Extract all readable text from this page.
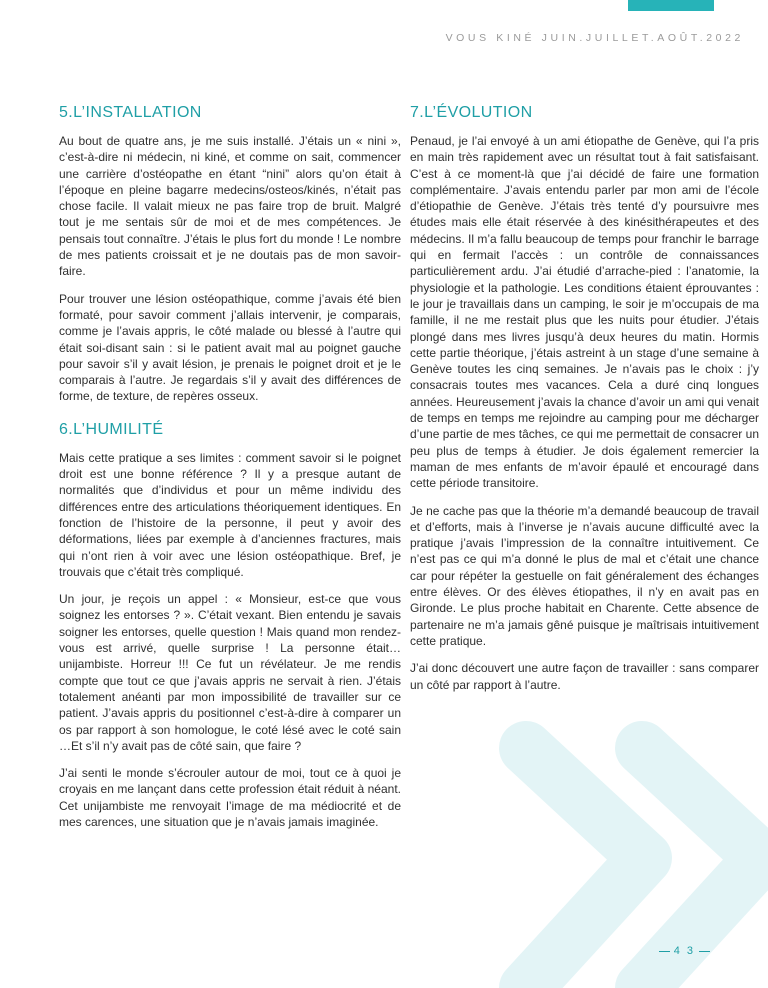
VOUS KINÉ JUIN.JUILLET.AOÛT.2022
5.L’INSTALLATION

Au bout de quatre ans, je me suis installé. J’étais un « nini », c’est-à-dire ni médecin, ni kiné, et comme on sait, commencer une carrière d’ostéopathe en étant “nini” alors qu’on était à l’époque en pleine bagarre medecins/osteos/kinés, n’était pas chose facile. Il valait mieux ne pas faire trop de bruit. Malgré tout je me sentais sûr de moi et de mes compétences. Je pensais tout connaître. J’étais le plus fort du monde ! Le nombre de mes patients croissait et je ne doutais pas de mon savoir-faire.

Pour trouver une lésion ostéopathique, comme j’avais été bien formaté, pour savoir comment j’allais intervenir, je comparais, comme je l’avais appris, le côté malade ou blessé à l’autre qui était soi-disant sain : si le patient avait mal au poignet gauche pour savoir s’il y avait lésion, je prenais le poignet droit et je le comparais à l’autre. Je regardais s’il y avait des différences de forme, de texture, de repères osseux.

6.L’HUMILITÉ

Mais cette pratique a ses limites : comment savoir si le poignet droit est une bonne référence ? Il y a presque autant de normalités que d’individus et pour un même individu des différences entre des articulations théoriquement identiques. En fonction de l’histoire de la personne, il peut y avoir des déformations, liées par exemple à d’anciennes fractures, mais qui n’ont rien à voir avec une lésion ostéopathique. Bref, je trouvais que c’était très compliqué.

Un jour, je reçois un appel : « Monsieur, est-ce que vous soignez les entorses ? ». C’était vexant. Bien entendu je savais soigner les entorses, quelle question ! Mais quand mon rendez-vous est arrivé, quelle surprise ! La personne était… unijambiste. Horreur !!! Ce fut un révélateur. Je me rendis compte que tout ce que j’avais appris ne servait à rien. J’étais totalement anéanti par mon impossibilité de travailler sur ce patient. J’avais appris du positionnel c’est-à-dire à comparer un os par rapport à son homologue, le coté lésé avec le coté sain …Et s’il n’y avait pas de côté sain, que faire ?

J’ai senti le monde s’écrouler autour de moi, tout ce à quoi je croyais en me lançant dans cette profession était réduit à néant. Cet unijambiste me renvoyait l’image de ma médiocrité et de mes carences, une situation que je n’avais jamais imaginée.

7.L’ÉVOLUTION

Penaud, je l’ai envoyé à un ami étiopathe de Genève, qui l’a pris en main très rapidement avec un résultat tout à fait satisfaisant. C’est à ce moment-là que j’ai décidé de faire une formation complémentaire. J’avais entendu parler par mon ami de l’école d’étiopathie de Genève. J’étais très tenté d’y poursuivre mes études mais elle était réservée à des kinésithérapeutes et des médecins. Il m’a fallu beaucoup de temps pour franchir le barrage qui en fermait l’accès : un contrôle de connaissances particulièrement ardu. J’ai étudié d’arrache-pied : l’anatomie, la physiologie et la pathologie. Les conditions étaient éprouvantes : le jour je travaillais dans un camping, le soir je m’occupais de ma famille, il ne me restait plus que les nuits pour étudier. J’étais plongé dans mes livres jusqu’à deux heures du matin. Hormis cette partie théorique, j’étais astreint à un stage d’une semaine à Genève toutes les cinq semaines. Je n’avais pas le choix : j’y consacrais toutes mes vacances. Cela a duré cinq longues années. Heureusement j’avais la chance d’avoir un ami qui venait de temps en temps me rejoindre au camping pour me décharger d’une partie de mes tâches, ce qui me permettait de consacrer un peu plus de temps à étudier. Je dois également remercier la maman de mes enfants de m’avoir épaulé et encouragé dans cette période transitoire.

Je ne cache pas que la théorie m’a demandé beaucoup de travail et d’efforts, mais à l’inverse je n’avais aucune difficulté avec la pratique j’avais l’impression de la connaître intuitivement. Ce n’est pas ce qui m’a donné le plus de mal et c’était une chance car pour répéter la gestuelle on fait généralement des échanges entre élèves. Or des élèves étiopathes, il n’y en avait pas en Gironde. Le plus proche habitait en Charente. Cette absence de partenaire ne m’a jamais gêné puisque je maîtrisais intuitivement cette pratique.

J’ai donc découvert une autre façon de travailler : sans comparer un côté par rapport à l’autre.

4 3
